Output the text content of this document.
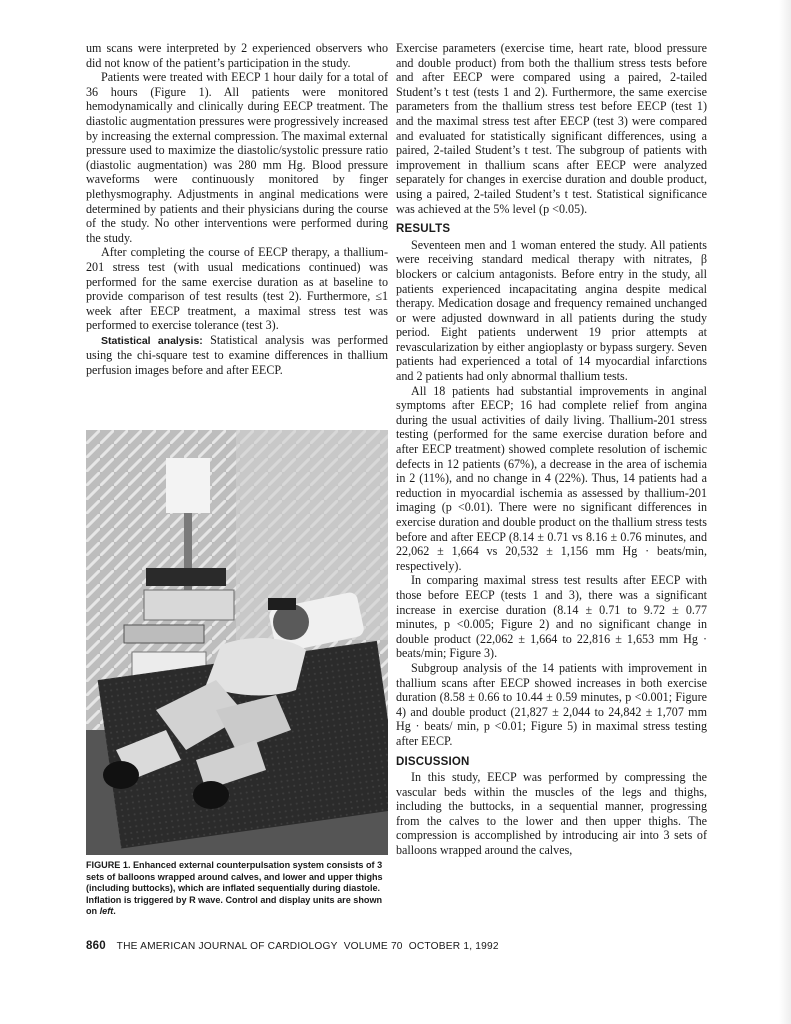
um scans were interpreted by 2 experienced observers who did not know of the patient’s participation in the study.

Patients were treated with EECP 1 hour daily for a total of 36 hours (Figure 1). All patients were monitored hemodynamically and clinically during EECP treatment. The diastolic augmentation pressures were progressively increased by increasing the external compression. The maximal external pressure used to maximize the diastolic/systolic pressure ratio (diastolic augmentation) was 280 mm Hg. Blood pressure waveforms were continuously monitored by finger plethysmography. Adjustments in anginal medications were determined by patients and their physicians during the course of the study. No other interventions were performed during the study.

After completing the course of EECP therapy, a thallium-201 stress test (with usual medications continued) was performed for the same exercise duration as at baseline to provide comparison of test results (test 2). Furthermore, ≤1 week after EECP treatment, a maximal stress test was performed to exercise tolerance (test 3).

Statistical analysis: Statistical analysis was performed using the chi-square test to examine differences in thallium perfusion images before and after EECP.

FIGURE 1. Enhanced external counterpulsation system consists of 3 sets of balloons wrapped around calves, and lower and upper thighs (including buttocks), which are inflated sequentially during diastole. Inflation is triggered by R wave. Control and display units are shown on left.

Exercise parameters (exercise time, heart rate, blood pressure and double product) from both the thallium stress tests before and after EECP were compared using a paired, 2-tailed Student’s t test (tests 1 and 2). Furthermore, the same exercise parameters from the thallium stress test before EECP (test 1) and the maximal stress test after EECP (test 3) were compared and evaluated for statistically significant differences, using a paired, 2-tailed Student’s t test. The subgroup of patients with improvement in thallium scans after EECP were analyzed separately for changes in exercise duration and double product, using a paired, 2-tailed Student’s t test. Statistical significance was achieved at the 5% level (p <0.05).

RESULTS

Seventeen men and 1 woman entered the study. All patients were receiving standard medical therapy with nitrates, β blockers or calcium antagonists. Before entry in the study, all patients experienced incapacitating angina despite medical therapy. Medication dosage and frequency remained unchanged or were adjusted downward in all patients during the study period. Eight patients underwent 19 prior attempts at revascularization by either angioplasty or bypass surgery. Seven patients had experienced a total of 14 myocardial infarctions and 2 patients had only abnormal thallium tests.

All 18 patients had substantial improvements in anginal symptoms after EECP; 16 had complete relief from angina during the usual activities of daily living. Thallium-201 stress testing (performed for the same exercise duration before and after EECP treatment) showed complete resolution of ischemic defects in 12 patients (67%), a decrease in the area of ischemia in 2 (11%), and no change in 4 (22%). Thus, 14 patients had a reduction in myocardial ischemia as assessed by thallium-201 imaging (p <0.01). There were no significant differences in exercise duration and double product on the thallium stress tests before and after EECP (8.14 ± 0.71 vs 8.16 ± 0.76 minutes, and 22,062 ± 1,664 vs 20,532 ± 1,156 mm Hg · beats/min, respectively).

In comparing maximal stress test results after EECP with those before EECP (tests 1 and 3), there was a significant increase in exercise duration (8.14 ± 0.71 to 9.72 ± 0.77 minutes, p <0.005; Figure 2) and no significant change in double product (22,062 ± 1,664 to 22,816 ± 1,653 mm Hg · beats/min; Figure 3).

Subgroup analysis of the 14 patients with improvement in thallium scans after EECP showed increases in both exercise duration (8.58 ± 0.66 to 10.44 ± 0.59 minutes, p <0.001; Figure 4) and double product (21,827 ± 2,044 to 24,842 ± 1,707 mm Hg · beats/ min, p <0.01; Figure 5) in maximal stress testing after EECP.

DISCUSSION

In this study, EECP was performed by compressing the vascular beds within the muscles of the legs and thighs, including the buttocks, in a sequential manner, progressing from the calves to the lower and then upper thighs. The compression is accomplished by introducing air into 3 sets of balloons wrapped around the calves,

860 THE AMERICAN JOURNAL OF CARDIOLOGY VOLUME 70 OCTOBER 1, 1992
